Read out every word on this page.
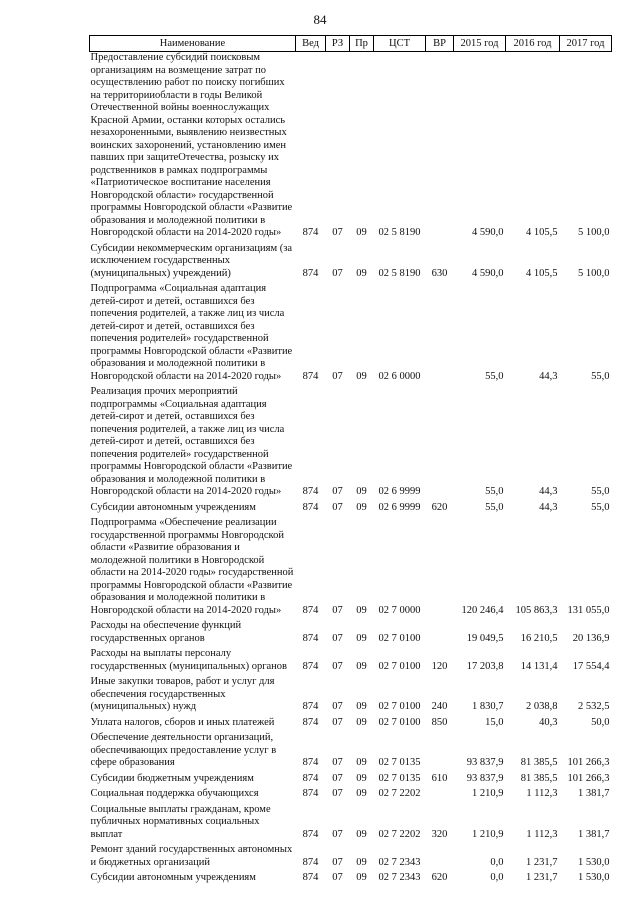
84
Наименование	Вед	РЗ	Пр	ЦСТ	ВР	2015 год	2016 год	2017 год
Предоставление субсидий поисковым организациям на возмещение затрат по осуществлению работ по поиску погибших на территорииобласти в годы Великой Отечественной войны военнослужащих Красной Армии, останки которых остались незахороненными, выявлению неизвестных воинских захоронений, установлению имен павших при защитеОтечества, розыску их родственников в рамках подпрограммы «Патриотическое воспитание населения Новгородской области» государственной программы Новгородской области «Развитие образования и молодежной политики в Новгородской области на 2014-2020 годы»	874	07	09	02 5 8190		4 590,0	4 105,5	5 100,0
Субсидии некоммерческим организациям (за исключением государственных (муниципальных) учреждений)	874	07	09	02 5 8190	630	4 590,0	4 105,5	5 100,0
Подпрограмма «Социальная адаптация детей-сирот и детей, оставшихся без попечения родителей, а также лиц из числа детей-сирот и детей, оставшихся без попечения родителей» государственной программы Новгородской области «Развитие образования и молодежной политики в Новгородской области на 2014-2020 годы»	874	07	09	02 6 0000		55,0	44,3	55,0
Реализация прочих мероприятий подпрограммы «Социальная адаптация детей-сирот и детей, оставшихся без попечения родителей, а также лиц из числа детей-сирот и детей, оставшихся без попечения родителей» государственной программы Новгородской области «Развитие образования и молодежной политики в Новгородской области на 2014-2020 годы»	874	07	09	02 6 9999		55,0	44,3	55,0
Субсидии автономным учреждениям	874	07	09	02 6 9999	620	55,0	44,3	55,0
Подпрограмма «Обеспечение реализации государственной программы Новгородской области «Развитие образования и молодежной политики в Новгородской области на 2014-2020 годы» государственной программы Новгородской области «Развитие образования и молодежной политики в Новгородской области на 2014-2020 годы»	874	07	09	02 7 0000		120 246,4	105 863,3	131 055,0
Расходы на обеспечение функций государственных органов	874	07	09	02 7 0100		19 049,5	16 210,5	20 136,9
Расходы на выплаты персоналу государственных (муниципальных) органов	874	07	09	02 7 0100	120	17 203,8	14 131,4	17 554,4
Иные закупки товаров, работ и услуг для обеспечения государственных (муниципальных) нужд	874	07	09	02 7 0100	240	1 830,7	2 038,8	2 532,5
Уплата налогов, сборов и иных платежей	874	07	09	02 7 0100	850	15,0	40,3	50,0
Обеспечение деятельности организаций, обеспечивающих предоставление услуг в сфере образования	874	07	09	02 7 0135		93 837,9	81 385,5	101 266,3
Субсидии бюджетным учреждениям	874	07	09	02 7 0135	610	93 837,9	81 385,5	101 266,3
Социальная поддержка обучающихся	874	07	09	02 7 2202		1 210,9	1 112,3	1 381,7
Социальные выплаты гражданам, кроме публичных нормативных социальных выплат	874	07	09	02 7 2202	320	1 210,9	1 112,3	1 381,7
Ремонт зданий государственных автономных и бюджетных организаций	874	07	09	02 7 2343		0,0	1 231,7	1 530,0
Субсидии автономным учреждениям	874	07	09	02 7 2343	620	0,0	1 231,7	1 530,0
